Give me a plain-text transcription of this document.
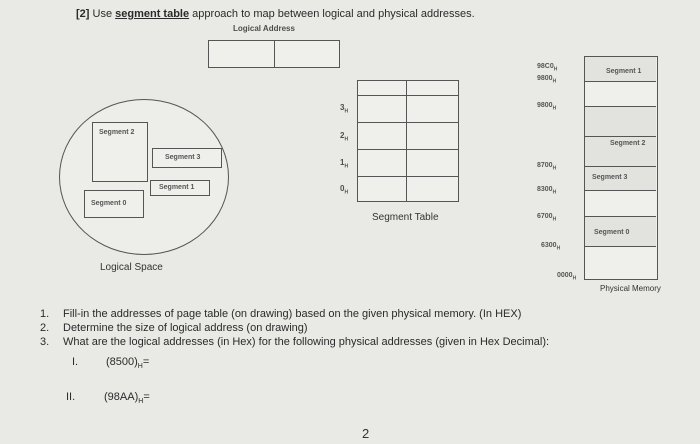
[2] Use segment table approach to map between logical and physical addresses.
Logical Address
Segment 2
Segment 3
Segment 1
Segment 0
Logical Space
$3_H$
$2_H$
$1_H$
$0_H$
Segment Table
Segment 1
Segment 2
Segment 3
Segment 0
$98C0_H$
$9800_H$
$9800_H$
$8700_H$
$8300_H$
$6700_H$
$6300_H$
$0000_H$
Physical Memory
1. Fill-in the addresses of page table (on drawing) based on the given physical memory. (In HEX)
2. Determine the size of logical address (on drawing)
3. What are the logical addresses (in Hex) for the following physical addresses (given in Hex Decimal):
I.	$(8500)_H=$
II.	$(98AA)_H=$
2
